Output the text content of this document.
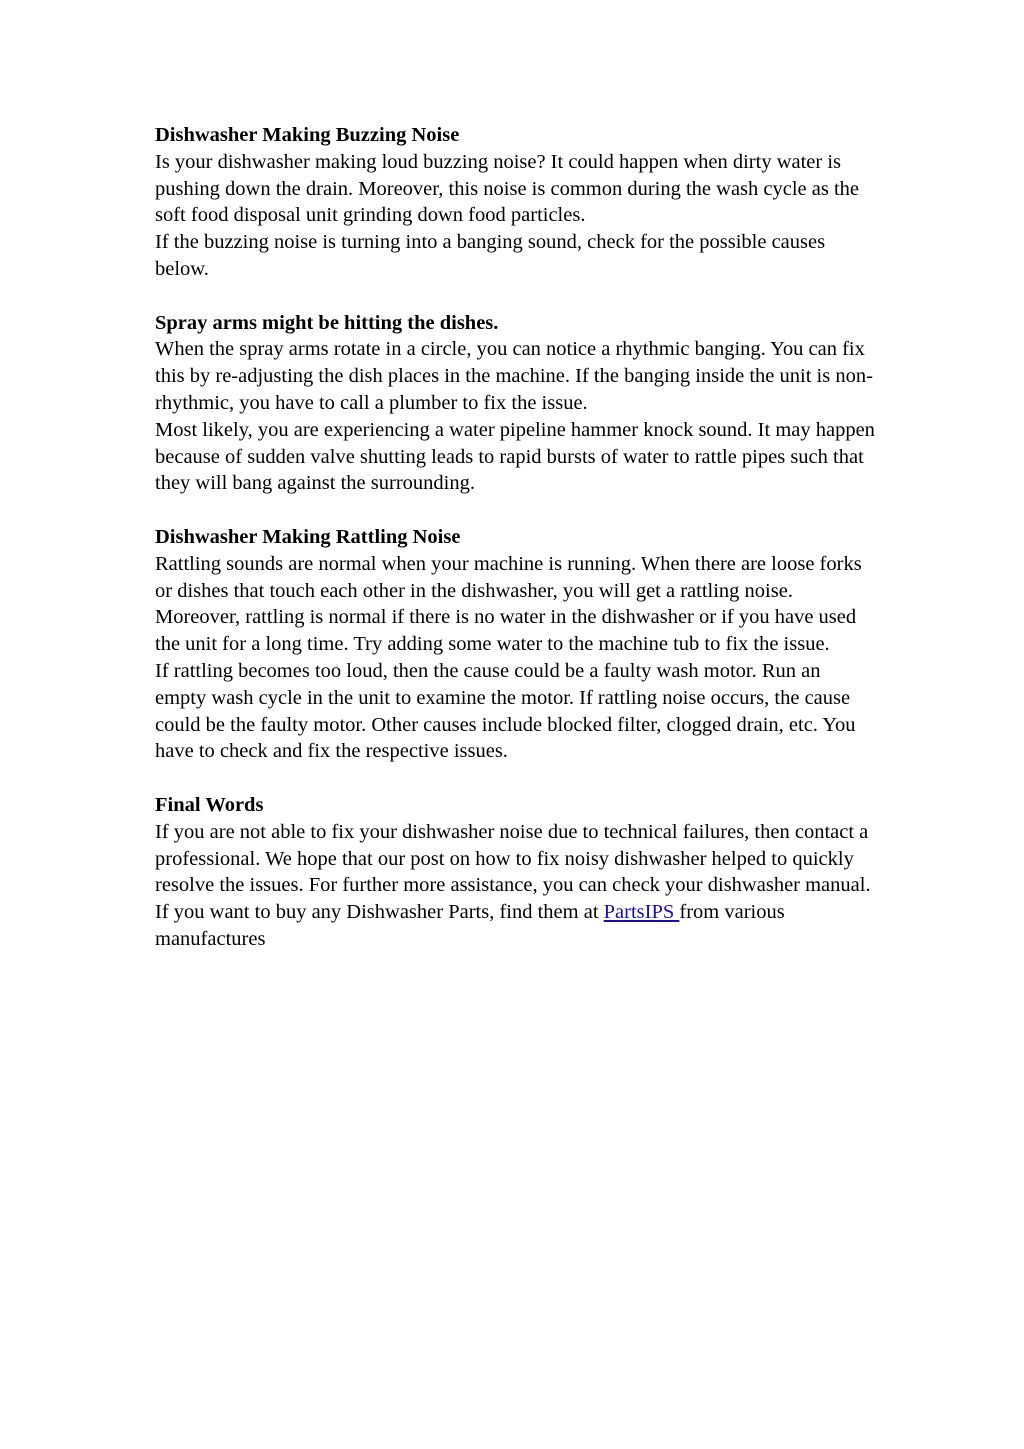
Dishwasher Making Buzzing Noise
Is your dishwasher making loud buzzing noise? It could happen when dirty water is pushing down the drain. Moreover, this noise is common during the wash cycle as the soft food disposal unit grinding down food particles.
If the buzzing noise is turning into a banging sound, check for the possible causes below.
Spray arms might be hitting the dishes.
When the spray arms rotate in a circle, you can notice a rhythmic banging. You can fix this by re-adjusting the dish places in the machine. If the banging inside the unit is non-rhythmic, you have to call a plumber to fix the issue.
Most likely, you are experiencing a water pipeline hammer knock sound. It may happen because of sudden valve shutting leads to rapid bursts of water to rattle pipes such that they will bang against the surrounding.
Dishwasher Making Rattling Noise
Rattling sounds are normal when your machine is running. When there are loose forks or dishes that touch each other in the dishwasher, you will get a rattling noise.
Moreover, rattling is normal if there is no water in the dishwasher or if you have used the unit for a long time. Try adding some water to the machine tub to fix the issue.
If rattling becomes too loud, then the cause could be a faulty wash motor. Run an empty wash cycle in the unit to examine the motor. If rattling noise occurs, the cause could be the faulty motor. Other causes include blocked filter, clogged drain, etc. You have to check and fix the respective issues.
Final Words
If you are not able to fix your dishwasher noise due to technical failures, then contact a professional. We hope that our post on how to fix noisy dishwasher helped to quickly resolve the issues. For further more assistance, you can check your dishwasher manual. If you want to buy any Dishwasher Parts, find them at PartsIPS from various manufactures
